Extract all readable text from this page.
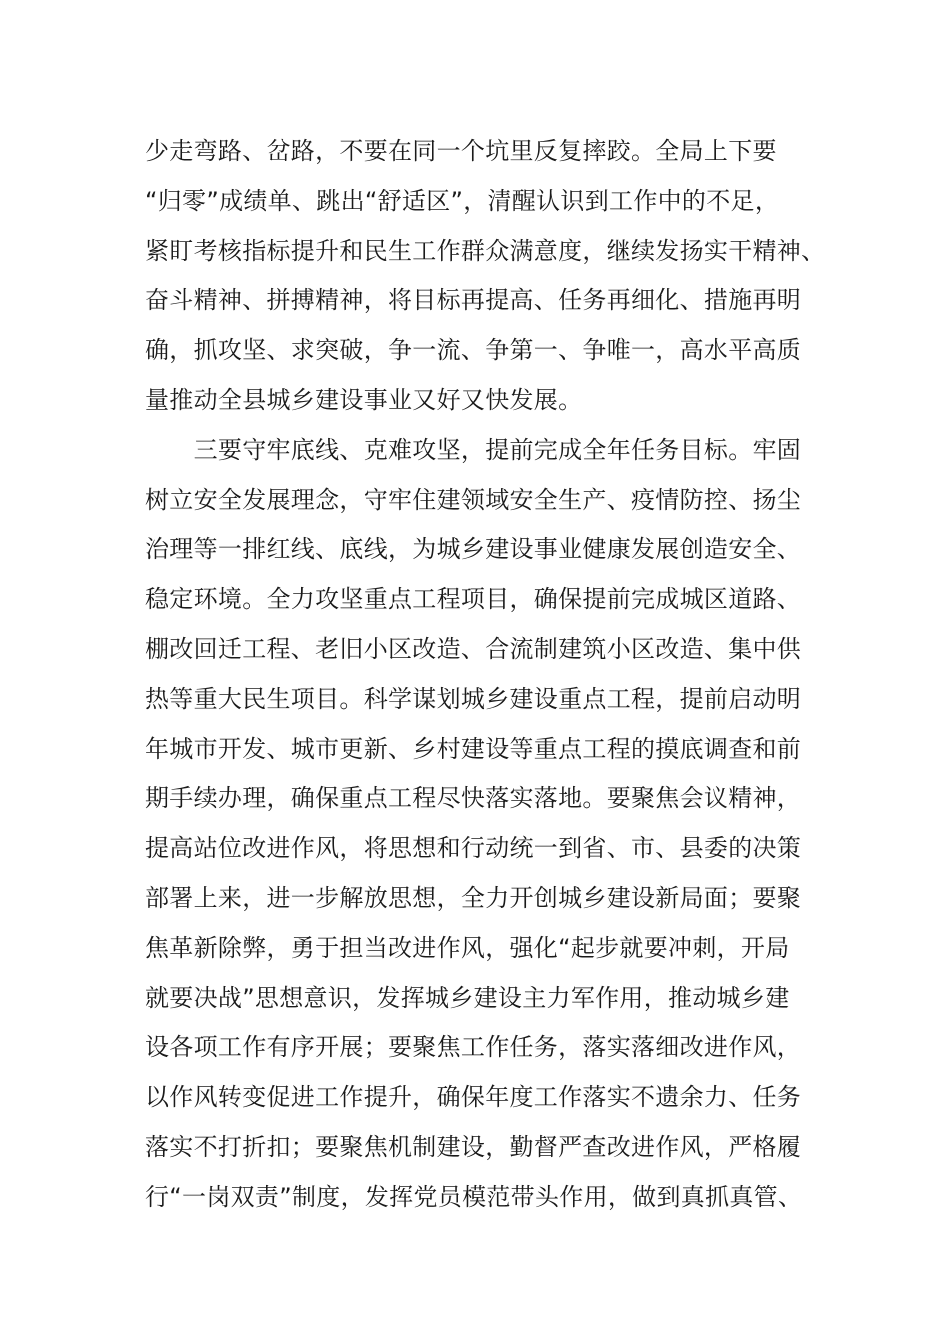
少走弯路、岔路，不要在同一个坑里反复摔跤。全局上下要
“归零”成绩单、跳出“舒适区”，清醒认识到工作中的不足，
紧盯考核指标提升和民生工作群众满意度，继续发扬实干精神、
奋斗精神、拼搏精神，将目标再提高、任务再细化、措施再明
确，抓攻坚、求突破，争一流、争第一、争唯一，高水平高质
量推动全县城乡建设事业又好又快发展。
　　三要守牢底线、克难攻坚，提前完成全年任务目标。牢固
树立安全发展理念，守牢住建领域安全生产、疫情防控、扬尘
治理等一排红线、底线，为城乡建设事业健康发展创造安全、
稳定环境。全力攻坚重点工程项目，确保提前完成城区道路、
棚改回迁工程、老旧小区改造、合流制建筑小区改造、集中供
热等重大民生项目。科学谋划城乡建设重点工程，提前启动明
年城市开发、城市更新、乡村建设等重点工程的摸底调查和前
期手续办理，确保重点工程尽快落实落地。要聚焦会议精神，
提高站位改进作风，将思想和行动统一到省、市、县委的决策
部署上来，进一步解放思想，全力开创城乡建设新局面；要聚
焦革新除弊，勇于担当改进作风，强化“起步就要冲刺，开局
就要决战”思想意识，发挥城乡建设主力军作用，推动城乡建
设各项工作有序开展；要聚焦工作任务，落实落细改进作风，
以作风转变促进工作提升，确保年度工作落实不遗余力、任务
落实不打折扣；要聚焦机制建设，勤督严查改进作风，严格履
行“一岗双责”制度，发挥党员模范带头作用，做到真抓真管、
